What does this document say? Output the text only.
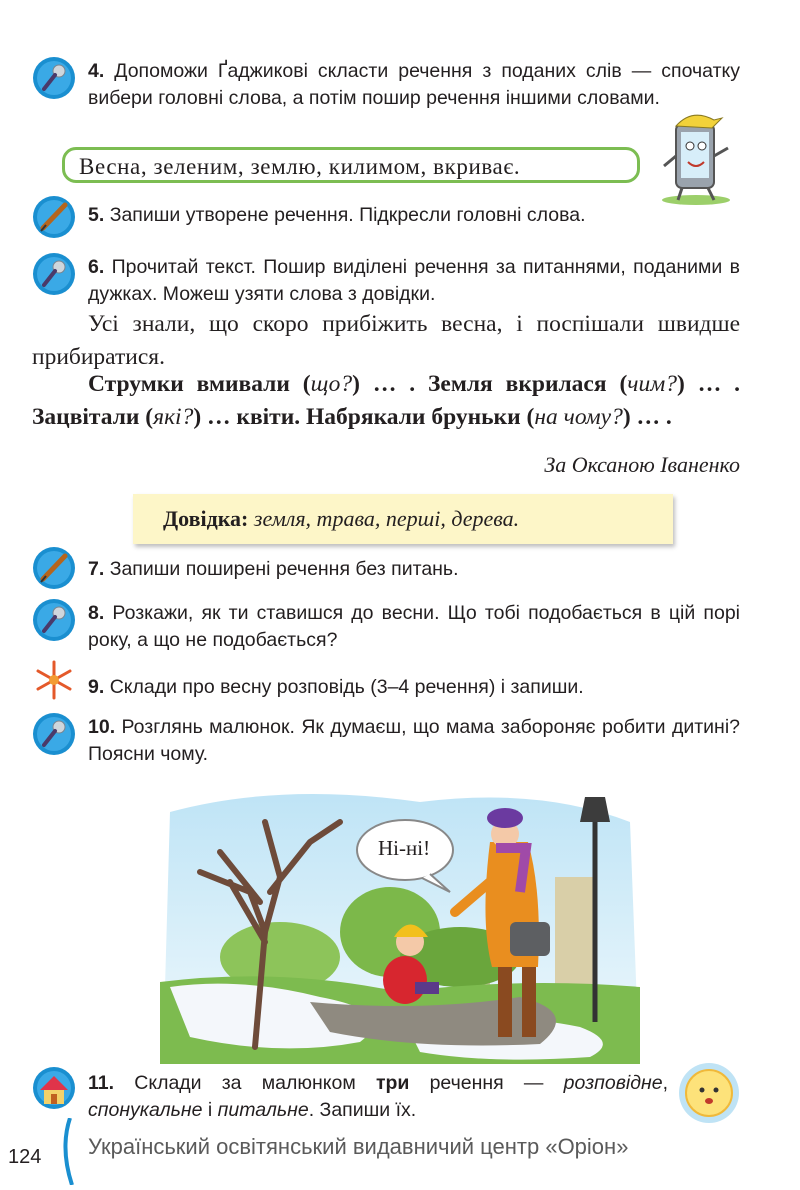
4. Допоможи Ґаджикові скласти речення з поданих слів — спочатку вибери головні слова, а потім пошир речення іншими словами.
Весна, зеленим, землю, килимом, вкриває.
5. Запиши утворене речення. Підкресли головні слова.
6. Прочитай текст. Пошир виділені речення за питаннями, поданими в дужках. Можеш узяти слова з довідки.
Усі знали, що скоро прибіжить весна, і поспішали швидше прибиратися.
Струмки вмивали (що?) … . Земля вкрилася (чим?) … . Зацвітали (які?) … квіти. Набрякали бруньки (на чому?) … .
За Оксаною Іваненко
Довідка: земля, трава, перші, дерева.
7. Запиши поширені речення без питань.
8. Розкажи, як ти ставишся до весни. Що тобі подобається в цій порі року, а що не подобається?
9. Склади про весну розповідь (3–4 речення) і запиши.
10. Розглянь малюнок. Як думаєш, що мама забороняє робити дитині? Поясни чому.
Ні-ні!
11. Склади за малюнком три речення — розповідне, спонукальне і питальне. Запиши їх.
124 Український освітянський видавничий центр «Оріон»
